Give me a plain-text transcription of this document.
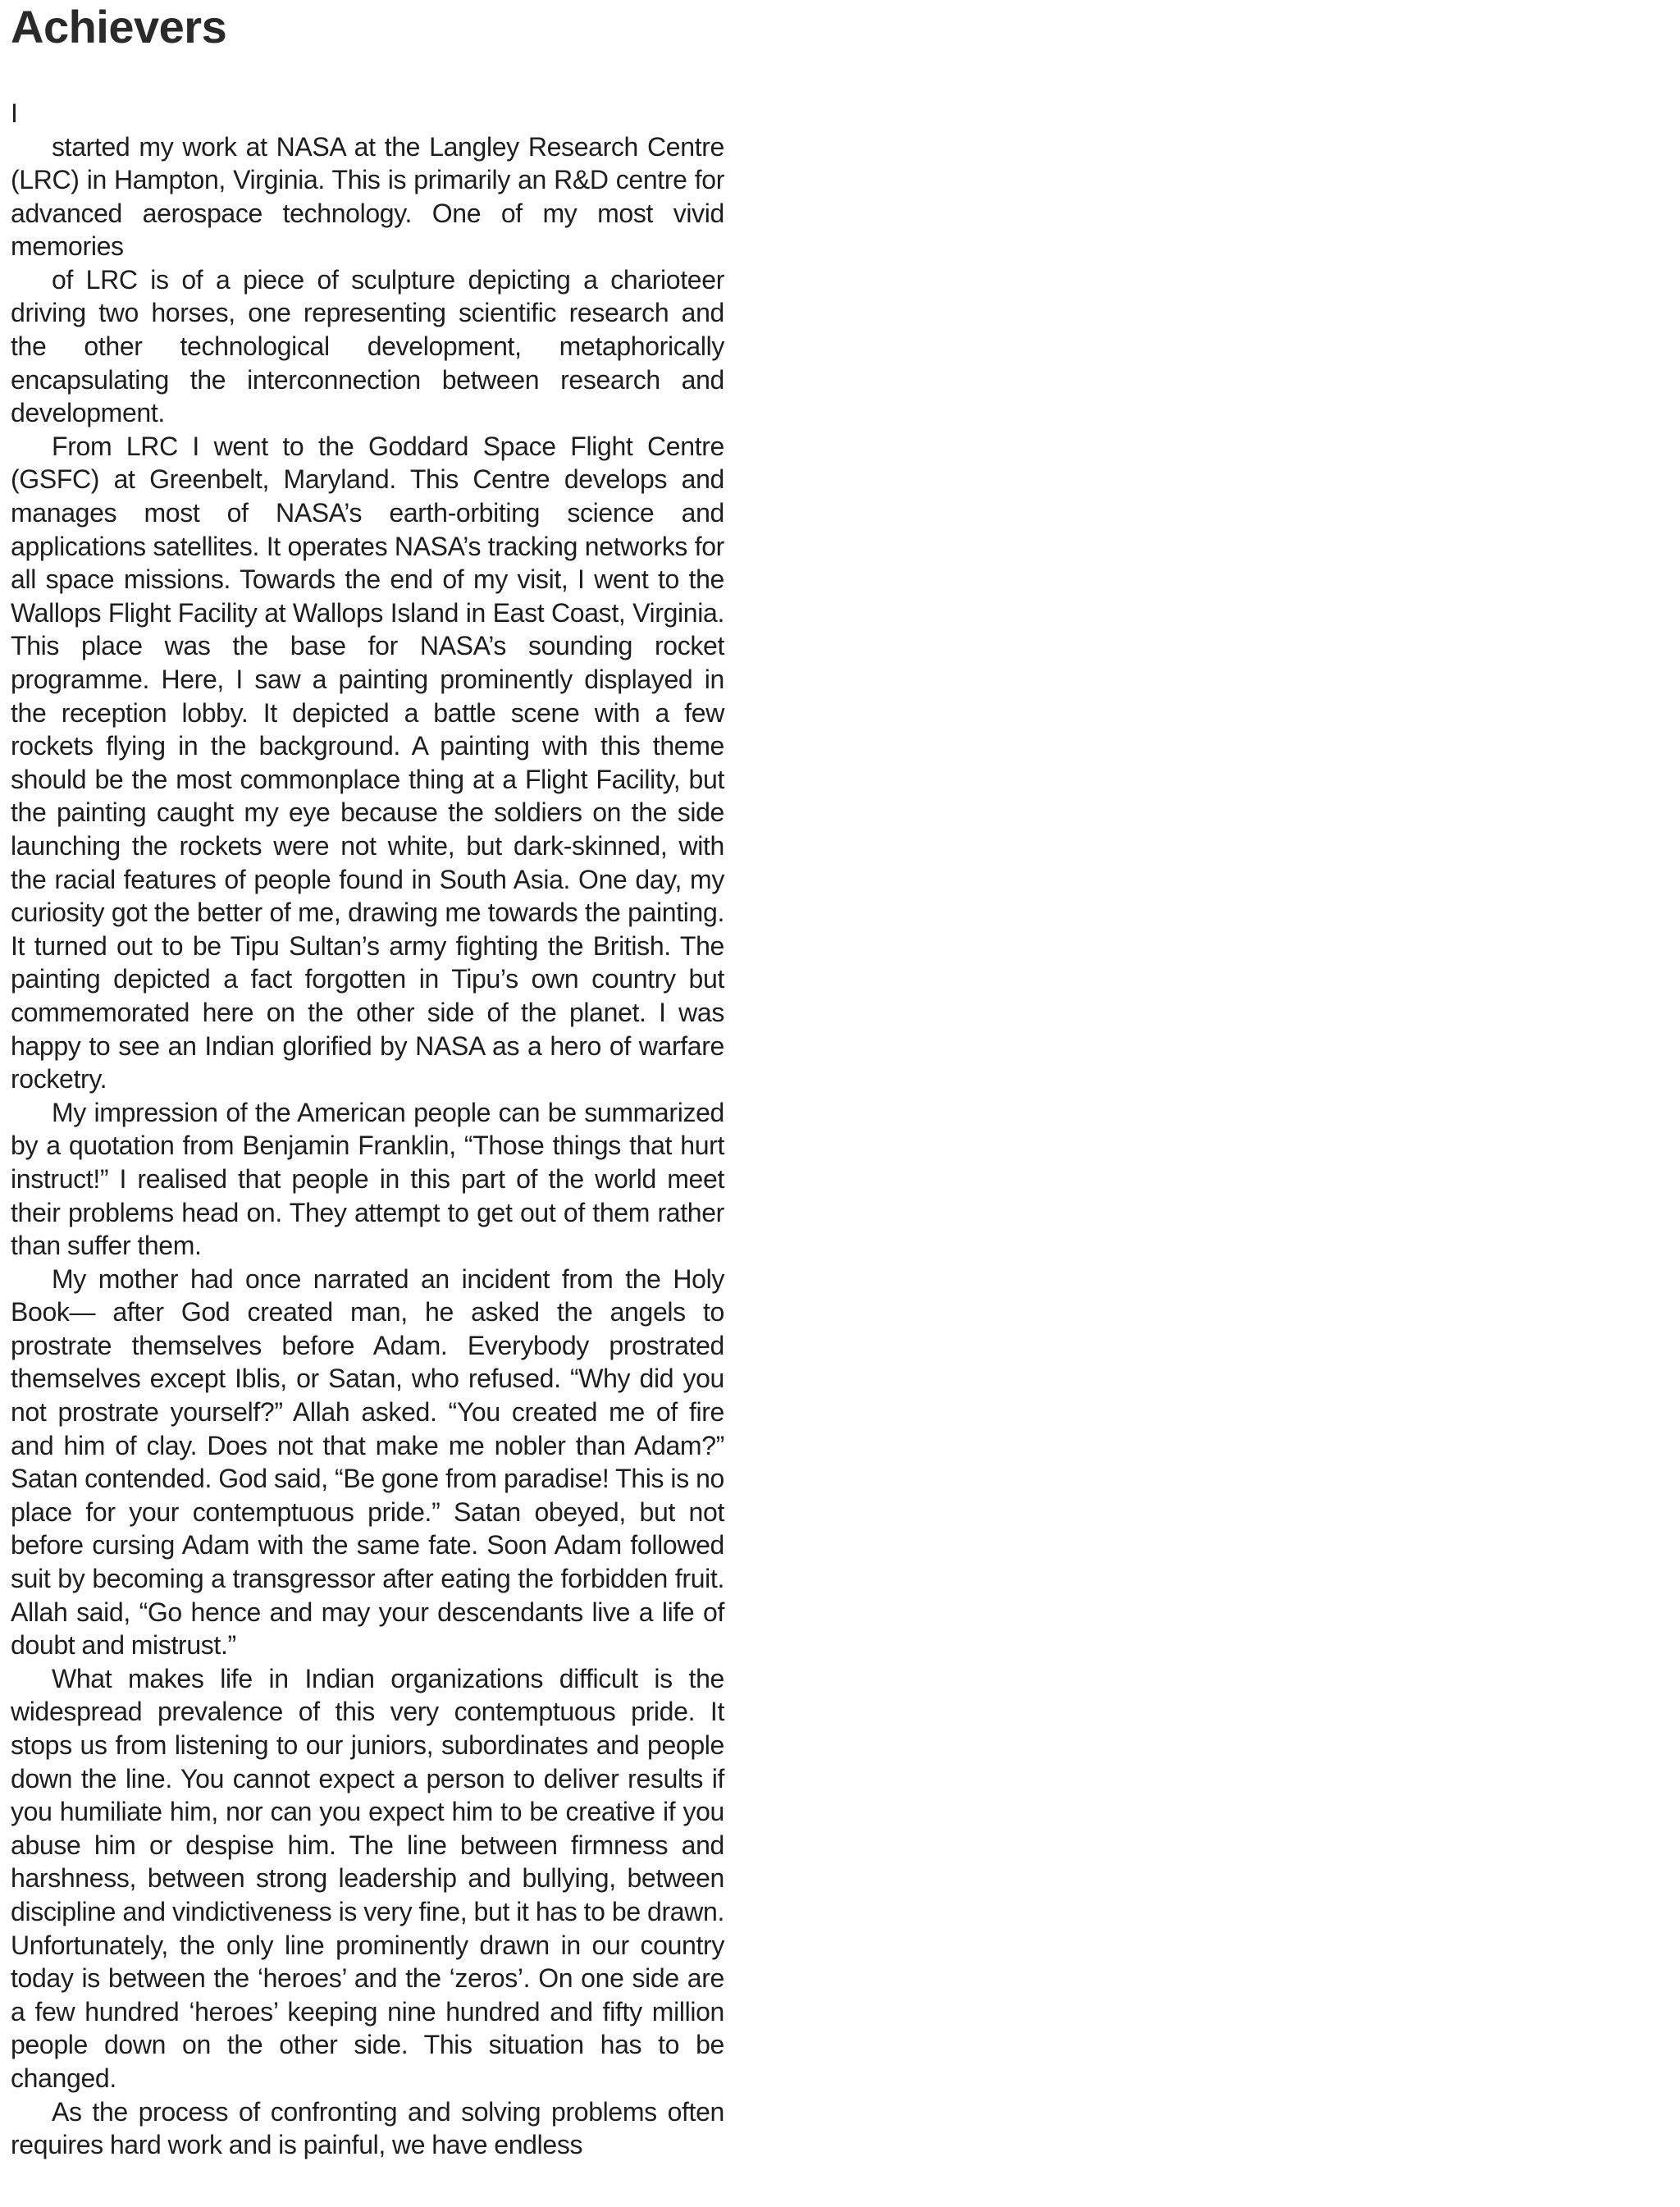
Achievers
I

started my work at NASA at the Langley Research Centre (LRC) in Hampton, Virginia. This is primarily an R&D centre for advanced aerospace technology. One of my most vivid memories

of LRC is of a piece of sculpture depicting a charioteer driving two horses, one representing scientific research and the other technological development, metaphorically encapsulating the interconnection between research and development.

From LRC I went to the Goddard Space Flight Centre (GSFC) at Greenbelt, Maryland. This Centre develops and manages most of NASA’s earth-orbiting science and applications satellites. It operates NASA’s tracking networks for all space missions. Towards the end of my visit, I went to the Wallops Flight Facility at Wallops Island in East Coast, Virginia. This place was the base for NASA’s sounding rocket programme. Here, I saw a painting prominently displayed in the reception lobby. It depicted a battle scene with a few rockets flying in the background. A painting with this theme should be the most commonplace thing at a Flight Facility, but the painting caught my eye because the soldiers on the side launching the rockets were not white, but dark-skinned, with the racial features of people found in South Asia. One day, my curiosity got the better of me, drawing me towards the painting. It turned out to be Tipu Sultan’s army fighting the British. The painting depicted a fact forgotten in Tipu’s own country but commemorated here on the other side of the planet. I was happy to see an Indian glorified by NASA as a hero of warfare rocketry.

My impression of the American people can be summarized by a quotation from Benjamin Franklin, “Those things that hurt instruct!” I realised that people in this part of the world meet their problems head on. They attempt to get out of them rather than suffer them.

My mother had once narrated an incident from the Holy Book— after God created man, he asked the angels to prostrate themselves before Adam. Everybody prostrated themselves except Iblis, or Satan, who refused. “Why did you not prostrate yourself?” Allah asked. “You created me of fire and him of clay. Does not that make me nobler than Adam?” Satan contended. God said, “Be gone from paradise! This is no place for your contemptuous pride.” Satan obeyed, but not before cursing Adam with the same fate. Soon Adam followed suit by becoming a transgressor after eating the forbidden fruit. Allah said, “Go hence and may your descendants live a life of doubt and mistrust.”

What makes life in Indian organizations difficult is the widespread prevalence of this very contemptuous pride. It stops us from listening to our juniors, subordinates and people down the line. You cannot expect a person to deliver results if you humiliate him, nor can you expect him to be creative if you abuse him or despise him. The line between firmness and harshness, between strong leadership and bullying, between discipline and vindictiveness is very fine, but it has to be drawn. Unfortunately, the only line prominently drawn in our country today is between the ‘heroes’ and the ‘zeros’. On one side are a few hundred ‘heroes’ keeping nine hundred and fifty million people down on the other side. This situation has to be changed.

As the process of confronting and solving problems often requires hard work and is painful, we have endless
